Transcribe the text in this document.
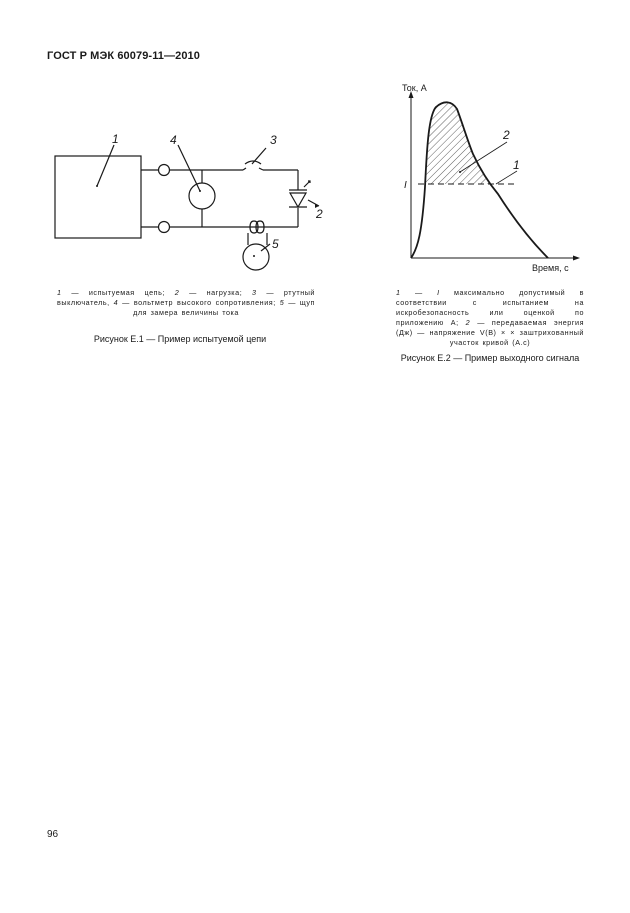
ГОСТ Р МЭК 60079-11—2010
1	4	3
2
5
1 — испытуемая цепь; 2 — нагрузка; 3 — ртутный выключатель, 4 — вольтметр высокого сопротивления; 5 — щуп для замера величины тока
Рисунок Е.1 — Пример испытуемой цепи
Ток, А
Время, с
I
2
1
1 — I максимально допустимый в соответствии с испытанием на искробезопасность или оценкой по приложению А; 2 — передаваемая энергия (Дж) — напряжение V(B) × × заштрихованный участок кривой (А.с)
Рисунок Е.2 — Пример выходного сигнала
96
